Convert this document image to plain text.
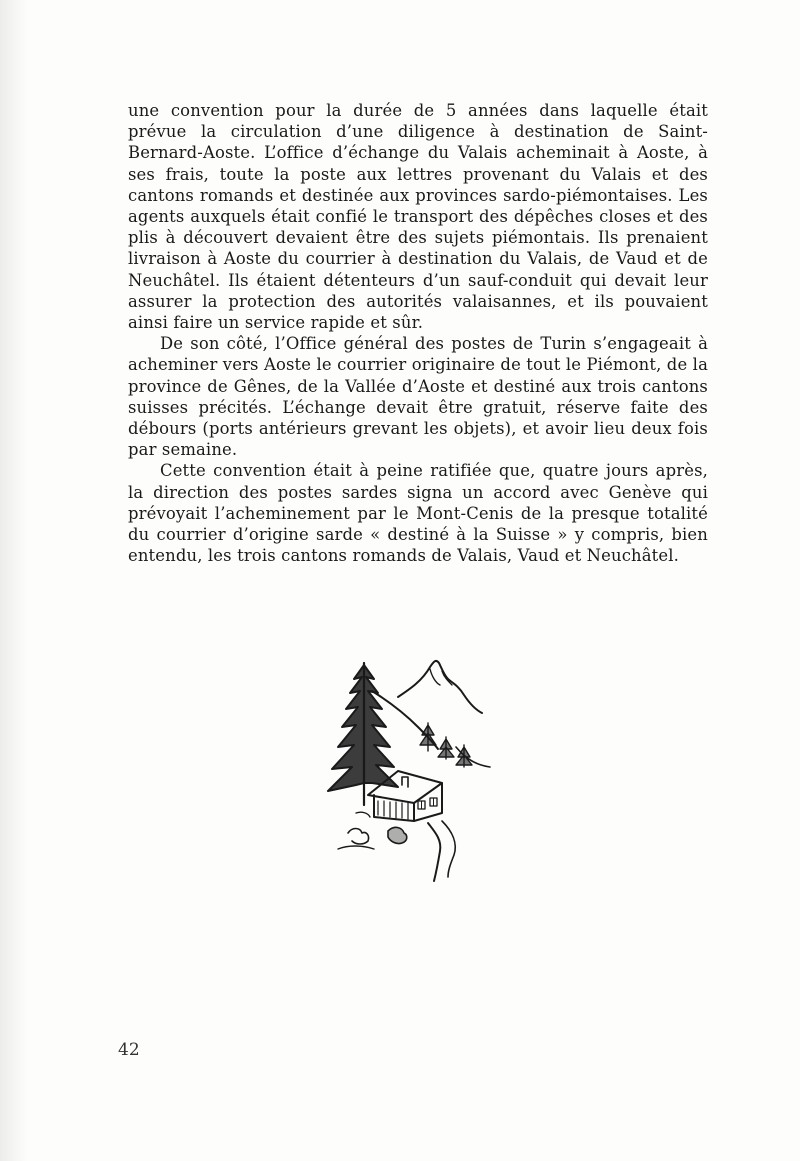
une convention pour la durée de 5 années dans laquelle était prévue la circulation d’une diligence à destination de Saint-Bernard-Aoste. L’office d’échange du Valais acheminait à Aoste, à ses frais, toute la poste aux lettres provenant du Valais et des cantons romands et destinée aux provinces sardo-piémontaises. Les agents auxquels était confié le transport des dépêches closes et des plis à découvert devaient être des sujets piémontais. Ils prenaient livraison à Aoste du courrier à destination du Valais, de Vaud et de Neuchâtel. Ils étaient détenteurs d’un sauf-conduit qui devait leur assurer la protection des autorités valaisannes, et ils pouvaient ainsi faire un service rapide et sûr.

De son côté, l’Office général des postes de Turin s’engageait à acheminer vers Aoste le courrier originaire de tout le Piémont, de la province de Gênes, de la Vallée d’Aoste et destiné aux trois cantons suisses précités. L’échange devait être gratuit, réserve faite des débours (ports antérieurs grevant les objets), et avoir lieu deux fois par semaine.

Cette convention était à peine ratifiée que, quatre jours après, la direction des postes sardes signa un accord avec Genève qui prévoyait l’acheminement par le Mont-Cenis de la presque totalité du courrier d’origine sarde « destiné à la Suisse » y compris, bien entendu, les trois cantons romands de Valais, Vaud et Neuchâtel.

42
